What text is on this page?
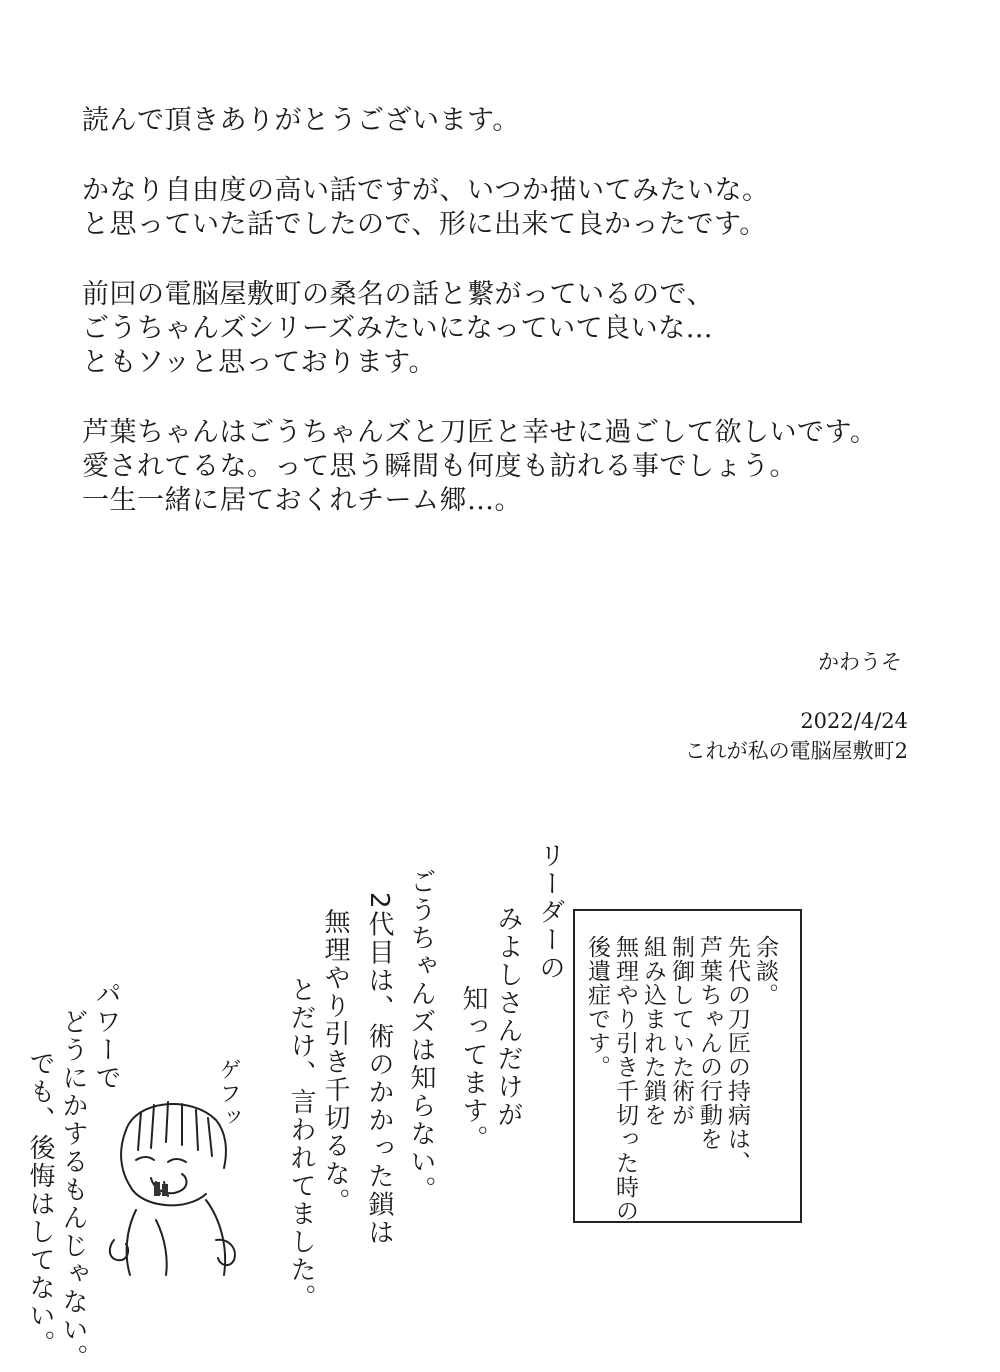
読んで頂きありがとうございます。

かなり自由度の高い話ですが、いつか描いてみたいな。
と思っていた話でしたので、形に出来て良かったです。

前回の電脳屋敷町の桑名の話と繋がっているので、
ごうちゃんズシリーズみたいになっていて良いな…
ともソッと思っております。

芦葉ちゃんはごうちゃんズと刀匠と幸せに過ごして欲しいです。
愛されてるな。って思う瞬間も何度も訪れる事でしょう。
一生一緒に居ておくれチーム郷…。

かわうそ
2022/4/24
これが私の電脳屋敷町2
リーダーの
みよしさんだけが
知ってます。
ごうちゃんズは知らない。
2代目は、術のかかった鎖は
無理やり引き千切るな。
とだけ、言われてました。
ゲフッ
パワーで
どうにかするもんじゃない。
でも、後悔はしてない。
余談。
先代の刀匠の持病は、
芦葉ちゃんの行動を
制御していた術が
組み込まれた鎖を
無理やり引き千切った時の
後遺症です。
